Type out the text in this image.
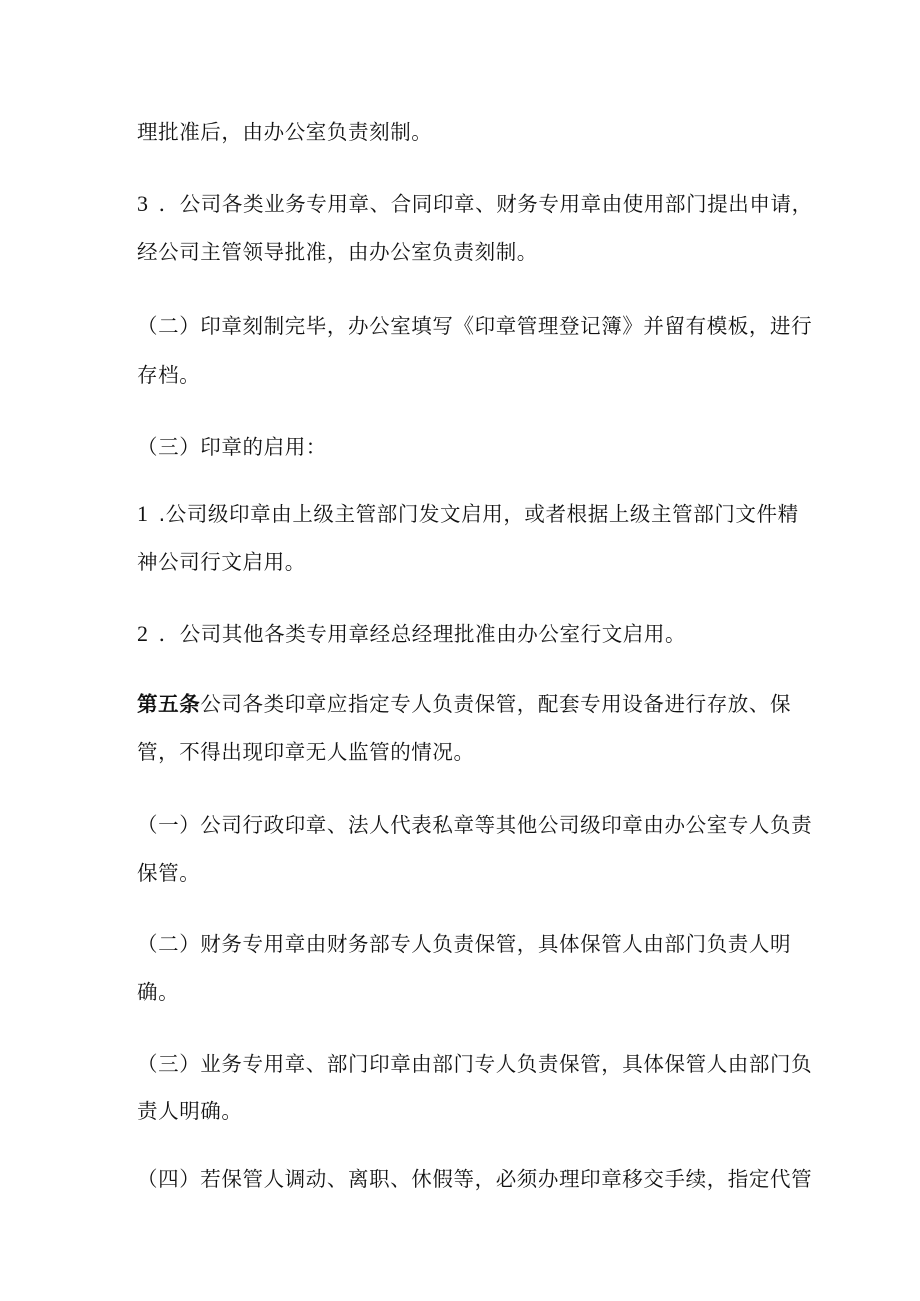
理批准后，由办公室负责刻制。
3 ．公司各类业务专用章、合同印章、财务专用章由使用部门提出申请，
经公司主管领导批准，由办公室负责刻制。
（二）印章刻制完毕，办公室填写《印章管理登记簿》并留有模板，进行
存档。
（三）印章的启用：
1 .公司级印章由上级主管部门发文启用，或者根据上级主管部门文件精
神公司行文启用。
2 ．公司其他各类专用章经总经理批准由办公室行文启用。
第五条公司各类印章应指定专人负责保管，配套专用设备进行存放、保
管，不得出现印章无人监管的情况。
（一）公司行政印章、法人代表私章等其他公司级印章由办公室专人负责
保管。
（二）财务专用章由财务部专人负责保管，具体保管人由部门负责人明
确。
（三）业务专用章、部门印章由部门专人负责保管，具体保管人由部门负
责人明确。
（四）若保管人调动、离职、休假等，必须办理印章移交手续，指定代管
